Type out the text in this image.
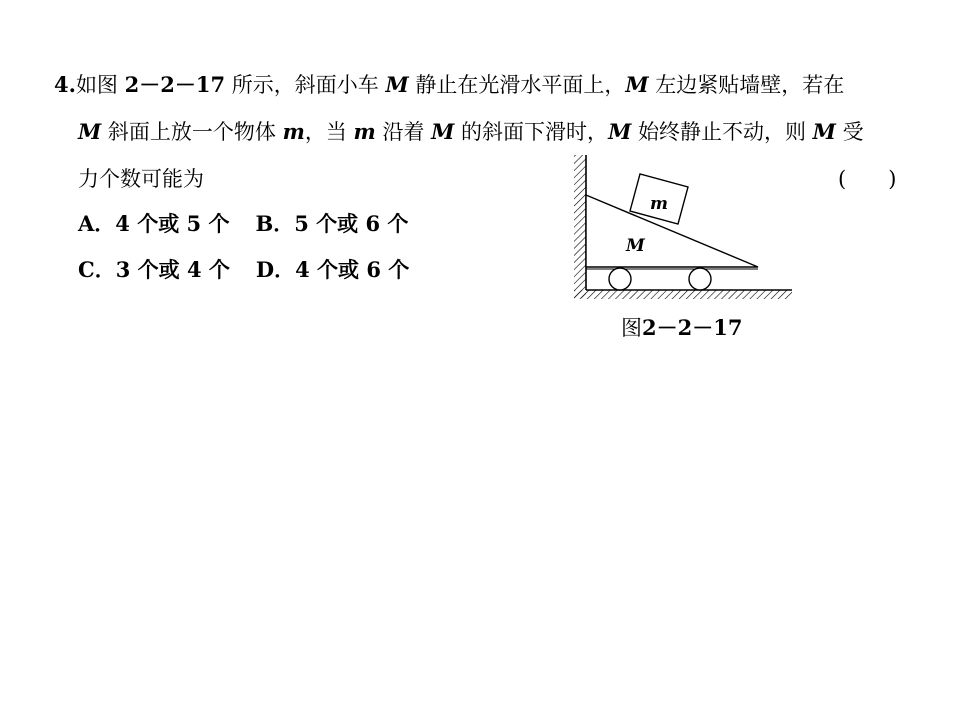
4.如图 2－2－17 所示，斜面小车 M 静止在光滑水平面上，M 左边紧贴墙壁，若在
M 斜面上放一个物体 m，当 m 沿着 M 的斜面下滑时，M 始终静止不动，则 M 受
力个数可能为	(　　)
A．4 个或 5 个 B．5 个或 6 个
C．3 个或 4 个 D．4 个或 6 个
m
M
图2－2－17
